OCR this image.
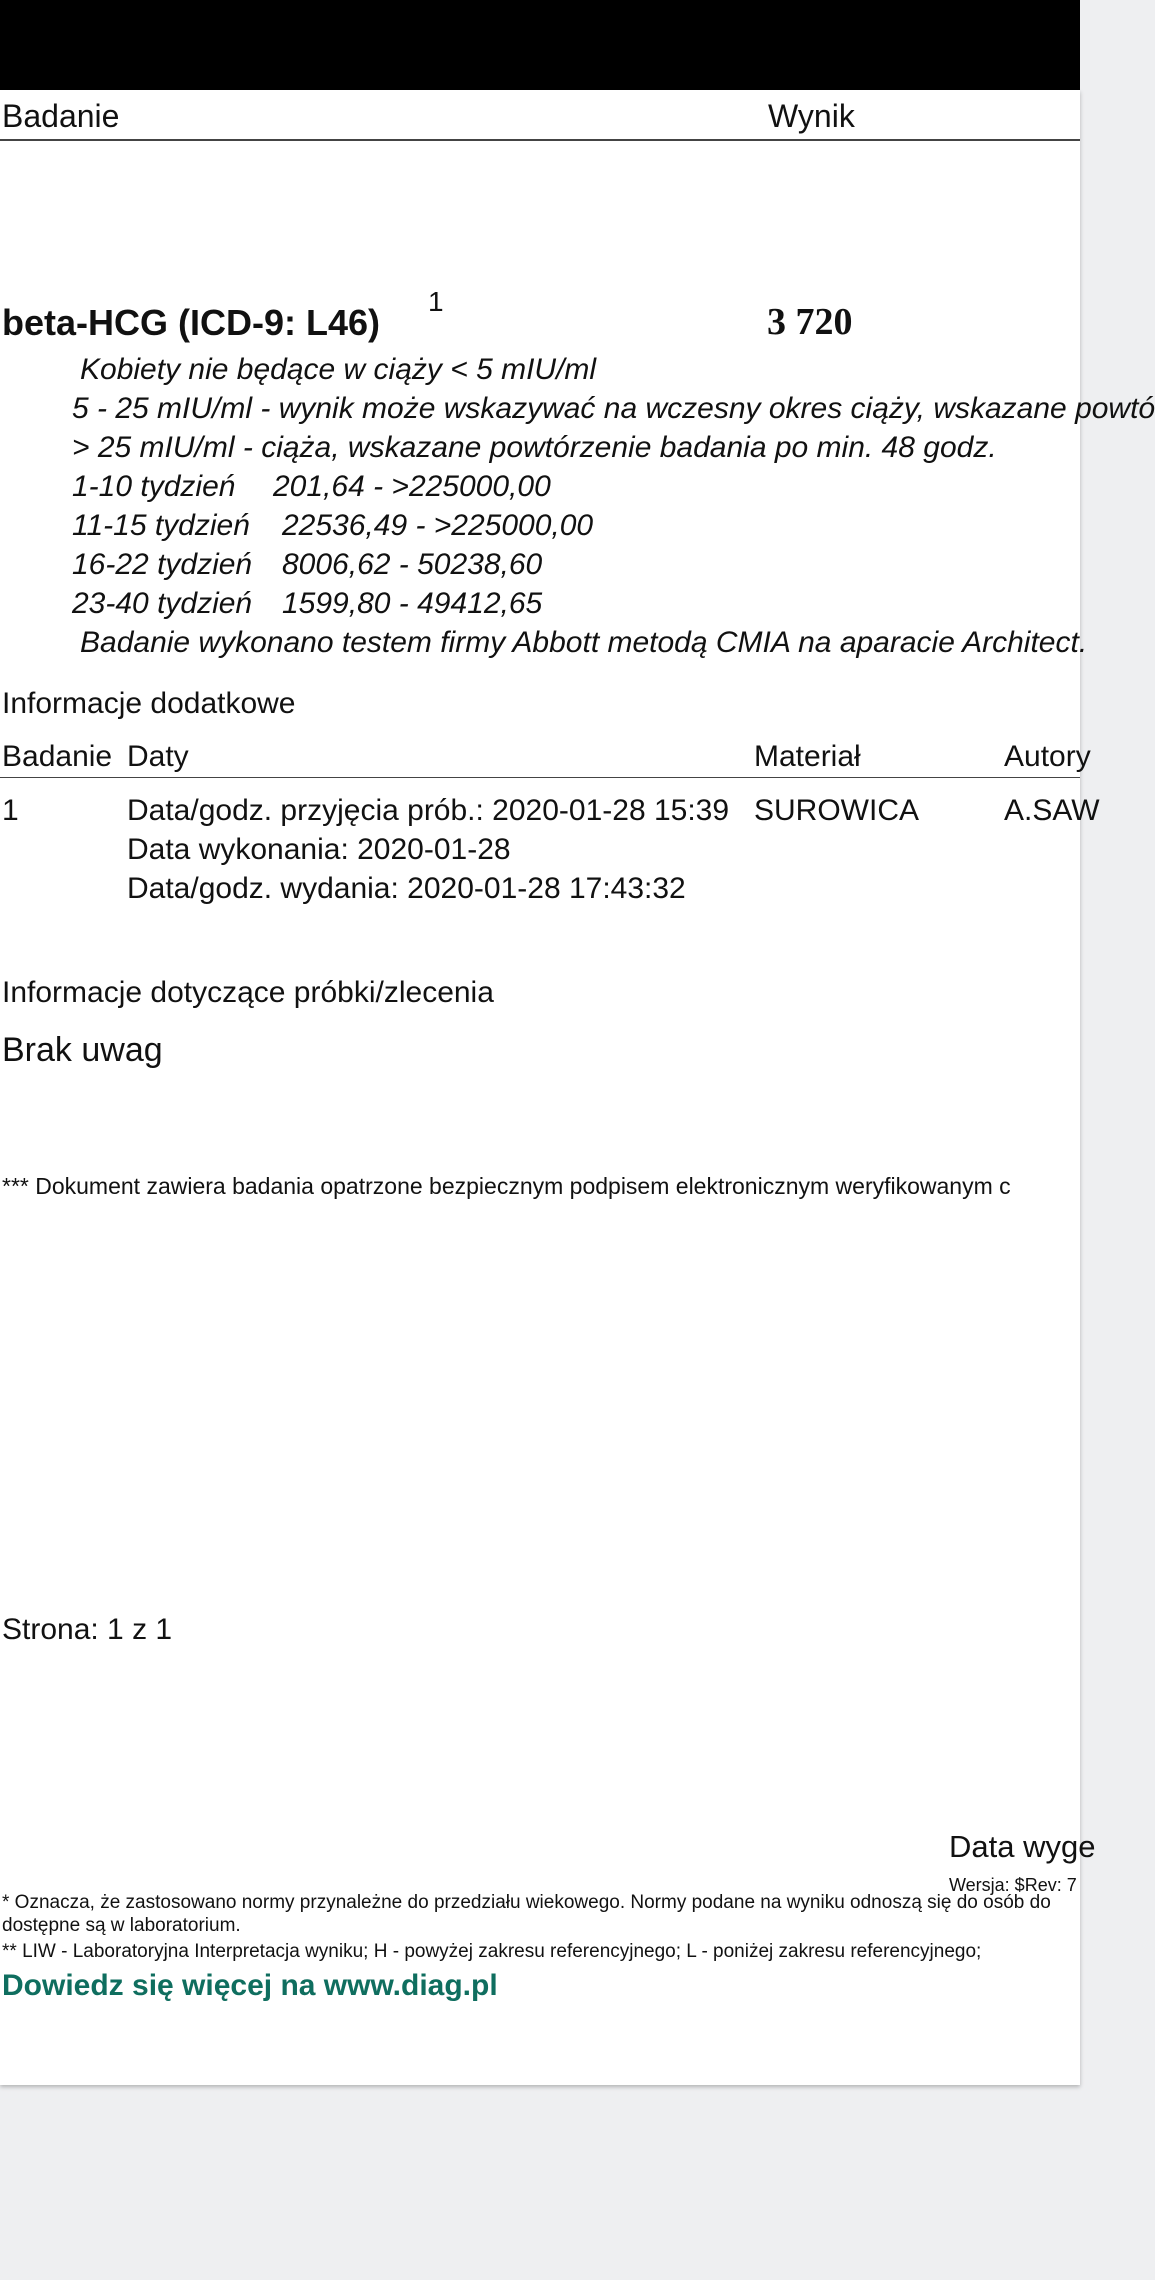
Badanie	Wynik
beta-HCG (ICD-9: L46)
1	3 720
Kobiety nie będące w ciąży < 5 mIU/ml
5 - 25 mIU/ml - wynik może wskazywać na wczesny okres ciąży, wskazane powtó
> 25 mIU/ml - ciąża, wskazane powtórzenie badania po min. 48 godz.
1-10 tydzień 201,64 - >225000,00
11-15 tydzień 22536,49 - >225000,00
16-22 tydzień 8006,62 - 50238,60
23-40 tydzień 1599,80 - 49412,65
Badanie wykonano testem firmy Abbott metodą CMIA na aparacie Architect.
Informacje dodatkowe
Badanie Daty	Materiał	Autory
1	Data/godz. przyjęcia prób.: 2020-01-28 15:39
Data wykonania: 2020-01-28
Data/godz. wydania: 2020-01-28 17:43:32
SUROWICA	A.SAW
Informacje dotyczące próbki/zlecenia
Brak uwag
*** Dokument zawiera badania opatrzone bezpiecznym podpisem elektronicznym weryfikowanym c
Strona: 1 z 1
Data wyge
Wersja: $Rev: 7
* Oznacza, że zastosowano normy przynależne do przedziału wiekowego. Normy podane na wyniku odnoszą się do osób do
dostępne są w laboratorium.
** LIW - Laboratoryjna Interpretacja wyniku; H - powyżej zakresu referencyjnego; L - poniżej zakresu referencyjnego;
Dowiedz się więcej na www.diag.pl
